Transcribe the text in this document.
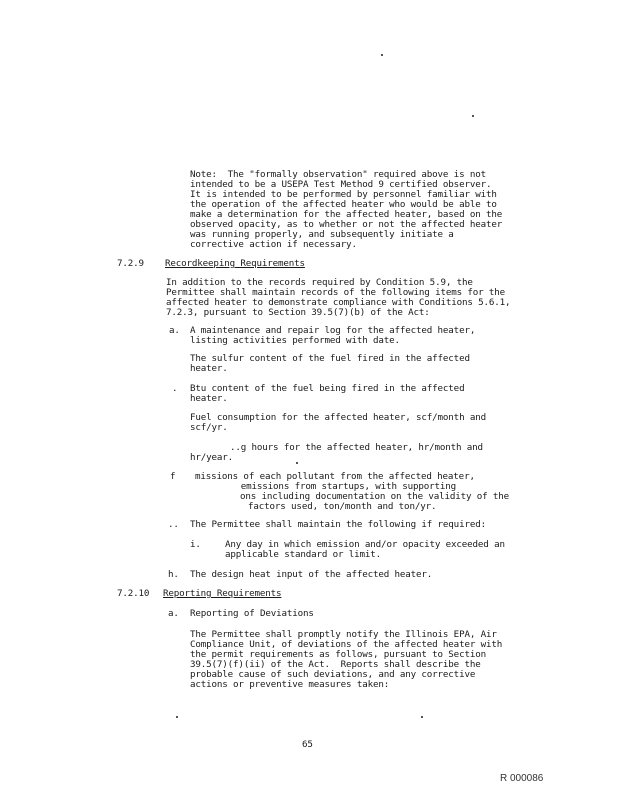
Note:  The "formally observation" required above is not
intended to be a USEPA Test Method 9 certified observer.
It is intended to be performed by personnel familiar with
the operation of the affected heater who would be able to
make a determination for the affected heater, based on the
observed opacity, as to whether or not the affected heater
was running properly, and subsequently initiate a
corrective action if necessary.
7.2.9 Recordkeeping Requirements
In addition to the records required by Condition 5.9, the
Permittee shall maintain records of the following items for the
affected heater to demonstrate compliance with Conditions 5.6.1,
7.2.3, pursuant to Section 39.5(7)(b) of the Act:
a. A maintenance and repair log for the affected heater,
listing activities performed with date.
The sulfur content of the fuel fired in the affected
heater.
. Btu content of the fuel being fired in the affected
heater.
Fuel consumption for the affected heater, scf/month and
scf/yr.
..g hours for the affected heater, hr/month and
hr/year.
f missions of each pollutant from the affected heater,
emissions from startups, with supporting
ons including documentation on the validity of the
factors used, ton/month and ton/yr.
.. The Permittee shall maintain the following if required:
i.	Any day in which emission and/or opacity exceeded an
applicable standard or limit.
h. The design heat input of the affected heater.
7.2.10 Reporting Requirements
a. Reporting of Deviations
The Permittee shall promptly notify the Illinois EPA, Air
Compliance Unit, of deviations of the affected heater with
the permit requirements as follows, pursuant to Section
39.5(7)(f)(ii) of the Act.  Reports shall describe the
probable cause of such deviations, and any corrective
actions or preventive measures taken:
65
R 000086
